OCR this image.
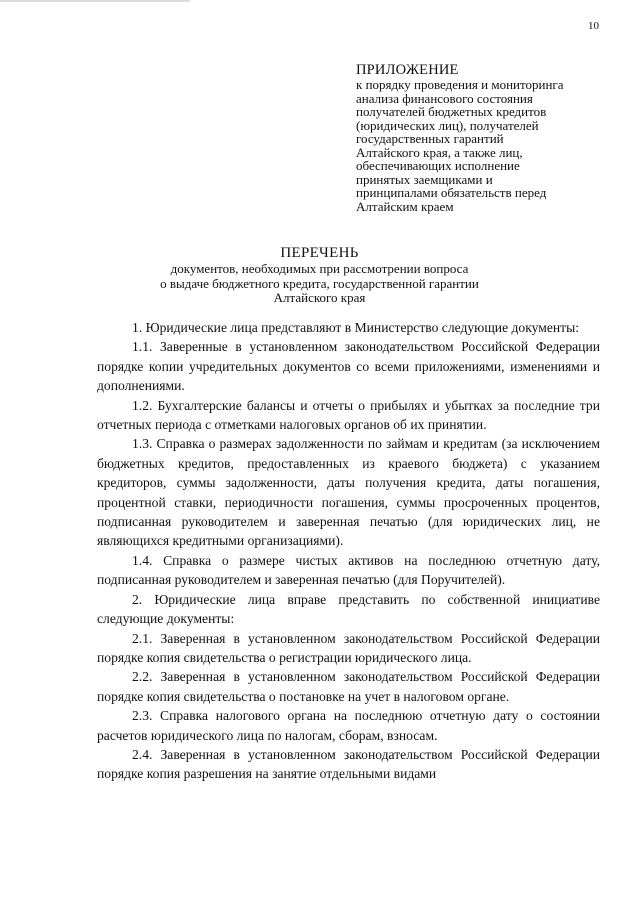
10
ПРИЛОЖЕНИЕ
к порядку проведения и мониторинга
анализа финансового состояния
получателей бюджетных кредитов
(юридических лиц), получателей
государственных гарантий
Алтайского края, а также лиц,
обеспечивающих исполнение
принятых заемщиками и
принципалами обязательств перед
Алтайским краем
ПЕРЕЧЕНЬ
документов, необходимых при рассмотрении вопроса
о выдаче бюджетного кредита, государственной гарантии
Алтайского края

1. Юридические лица представляют в Министерство следующие документы:

1.1. Заверенные в установленном законодательством Российской Федерации порядке копии учредительных документов со всеми приложениями, изменениями и дополнениями.

1.2. Бухгалтерские балансы и отчеты о прибылях и убытках за последние три отчетных периода с отметками налоговых органов об их принятии.

1.3. Справка о размерах задолженности по займам и кредитам (за исключением бюджетных кредитов, предоставленных из краевого бюджета) с указанием кредиторов, суммы задолженности, даты получения кредита, даты погашения, процентной ставки, периодичности погашения, суммы просроченных процентов, подписанная руководителем и заверенная печатью (для юридических лиц, не являющихся кредитными организациями).

1.4. Справка о размере чистых активов на последнюю отчетную дату, подписанная руководителем и заверенная печатью (для Поручителей).

2. Юридические лица вправе представить по собственной инициативе следующие документы:

2.1. Заверенная в установленном законодательством Российской Федерации порядке копия свидетельства о регистрации юридического лица.

2.2. Заверенная в установленном законодательством Российской Федерации порядке копия свидетельства о постановке на учет в налоговом органе.

2.3. Справка налогового органа на последнюю отчетную дату о состоянии расчетов юридического лица по налогам, сборам, взносам.

2.4. Заверенная в установленном законодательством Российской Федерации порядке копия разрешения на занятие отдельными видами
